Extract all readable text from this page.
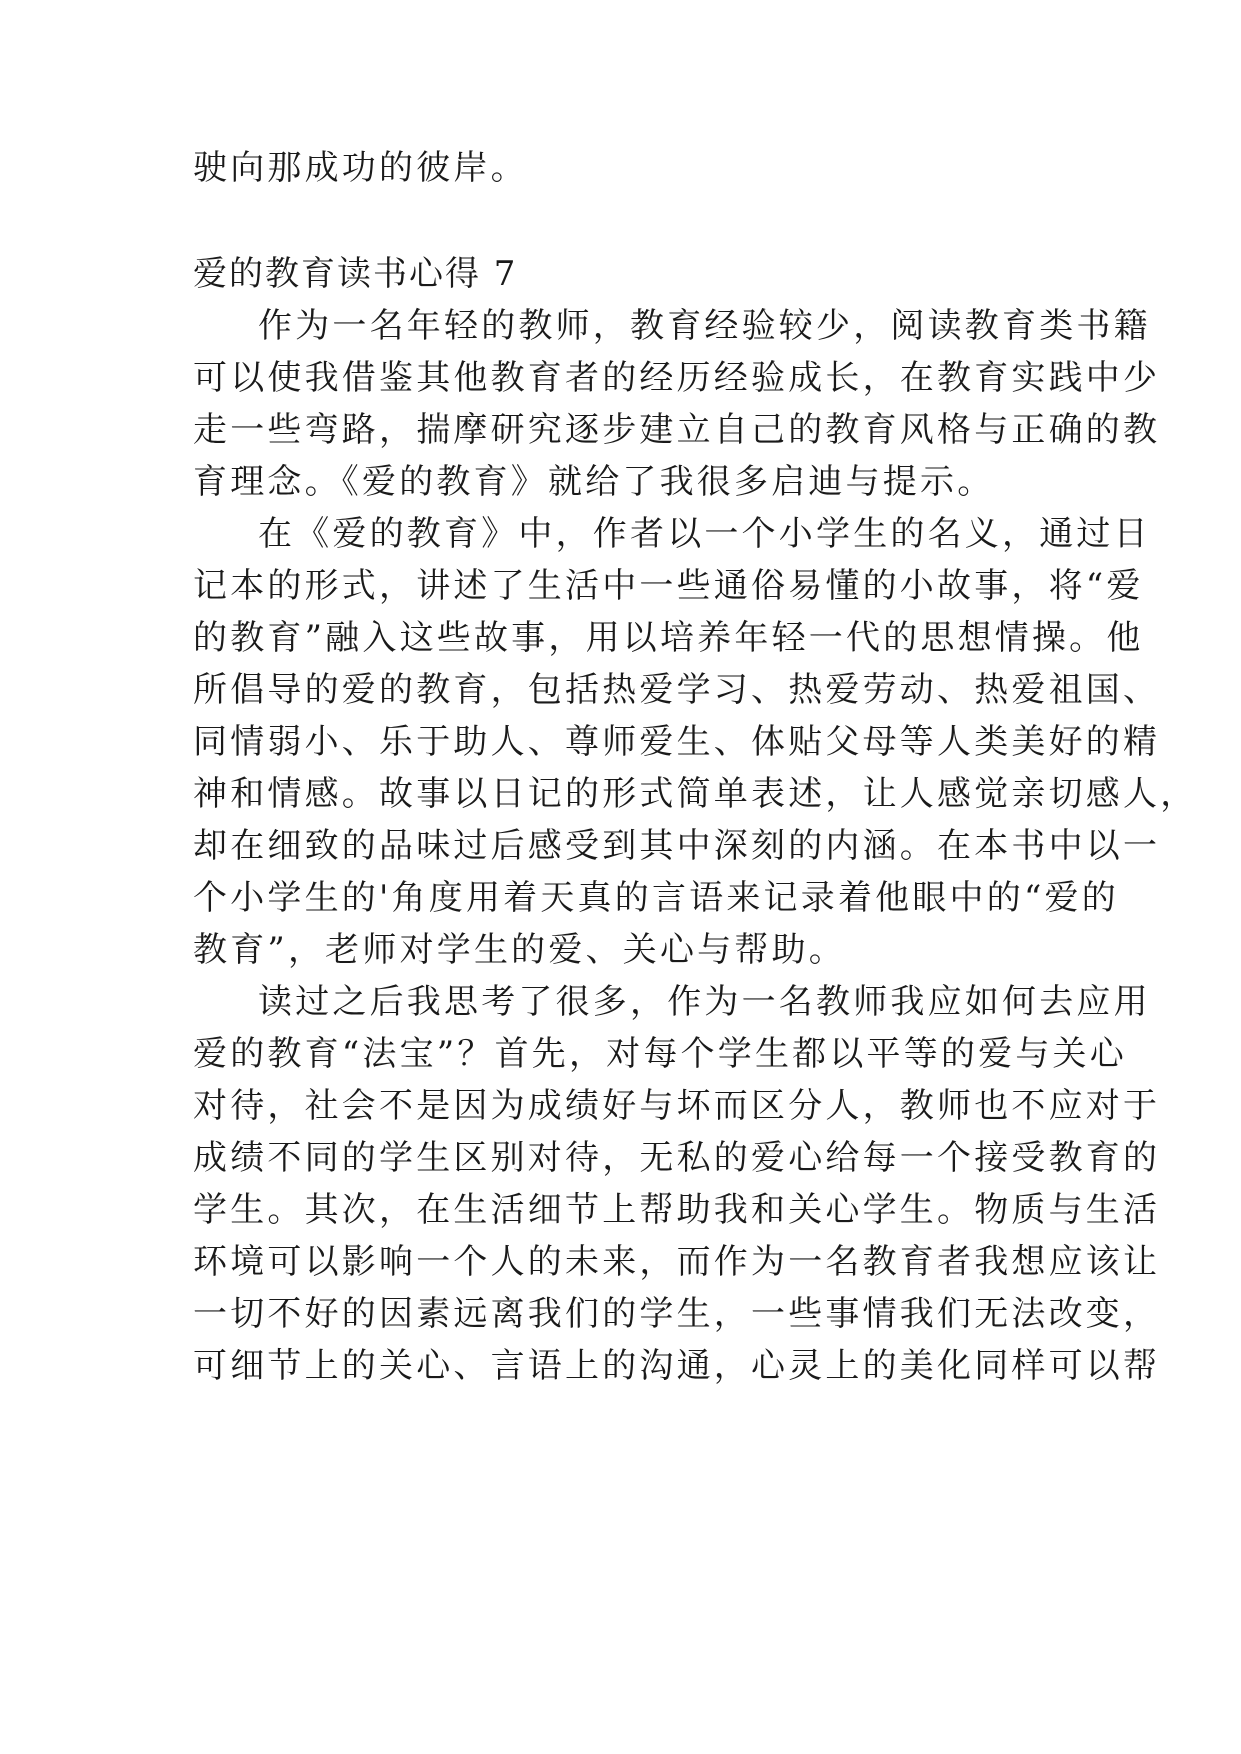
驶向那成功的彼岸。
爱的教育读书心得 7
作为一名年轻的教师，教育经验较少，阅读教育类书籍
可以使我借鉴其他教育者的经历经验成长，在教育实践中少
走一些弯路，揣摩研究逐步建立自己的教育风格与正确的教
育理念。《爱的教育》就给了我很多启迪与提示。
在《爱的教育》中，作者以一个小学生的名义，通过日
记本的形式，讲述了生活中一些通俗易懂的小故事，将“爱
的教育”融入这些故事，用以培养年轻一代的思想情操。他
所倡导的爱的教育，包括热爱学习、热爱劳动、热爱祖国、
同情弱小、乐于助人、尊师爱生、体贴父母等人类美好的精
神和情感。故事以日记的形式简单表述，让人感觉亲切感人，
却在细致的品味过后感受到其中深刻的内涵。在本书中以一
个小学生的'角度用着天真的言语来记录着他眼中的“爱的
教育”，老师对学生的爱、关心与帮助。
读过之后我思考了很多，作为一名教师我应如何去应用
爱的教育“法宝”？首先，对每个学生都以平等的爱与关心
对待，社会不是因为成绩好与坏而区分人，教师也不应对于
成绩不同的学生区别对待，无私的爱心给每一个接受教育的
学生。其次，在生活细节上帮助我和关心学生。物质与生活
环境可以影响一个人的未来，而作为一名教育者我想应该让
一切不好的因素远离我们的学生，一些事情我们无法改变，
可细节上的关心、言语上的沟通，心灵上的美化同样可以帮
